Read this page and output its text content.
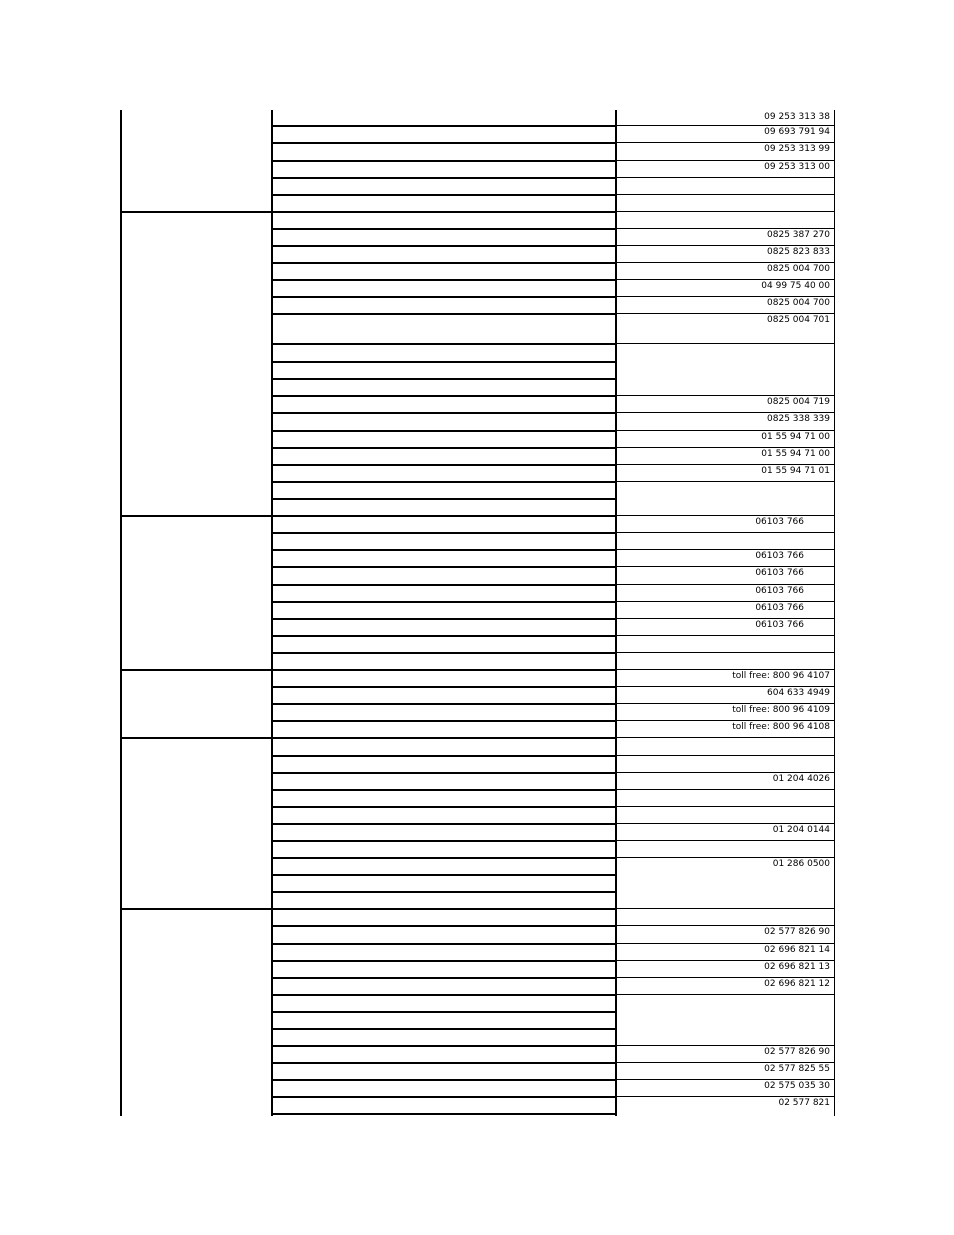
09 253 313 38
09 693 791 94
09 253 313 99
09 253 313 00
0825 387 270
0825 823 833
0825 004 700
04 99 75 40 00
0825 004 700
0825 004 701
0825 004 719
0825 338 339
01 55 94 71 00
01 55 94 71 00
01 55 94 71 01
06103 766
06103 766
06103 766
06103 766
06103 766
06103 766
toll free: 800 96 4107
604 633 4949
toll free: 800 96 4109
toll free: 800 96 4108
01 204 4026
01 204 0144
01 286 0500
02 577 826 90
02 696 821 14
02 696 821 13
02 696 821 12
02 577 826 90
02 577 825 55
02 575 035 30
02 577 821
